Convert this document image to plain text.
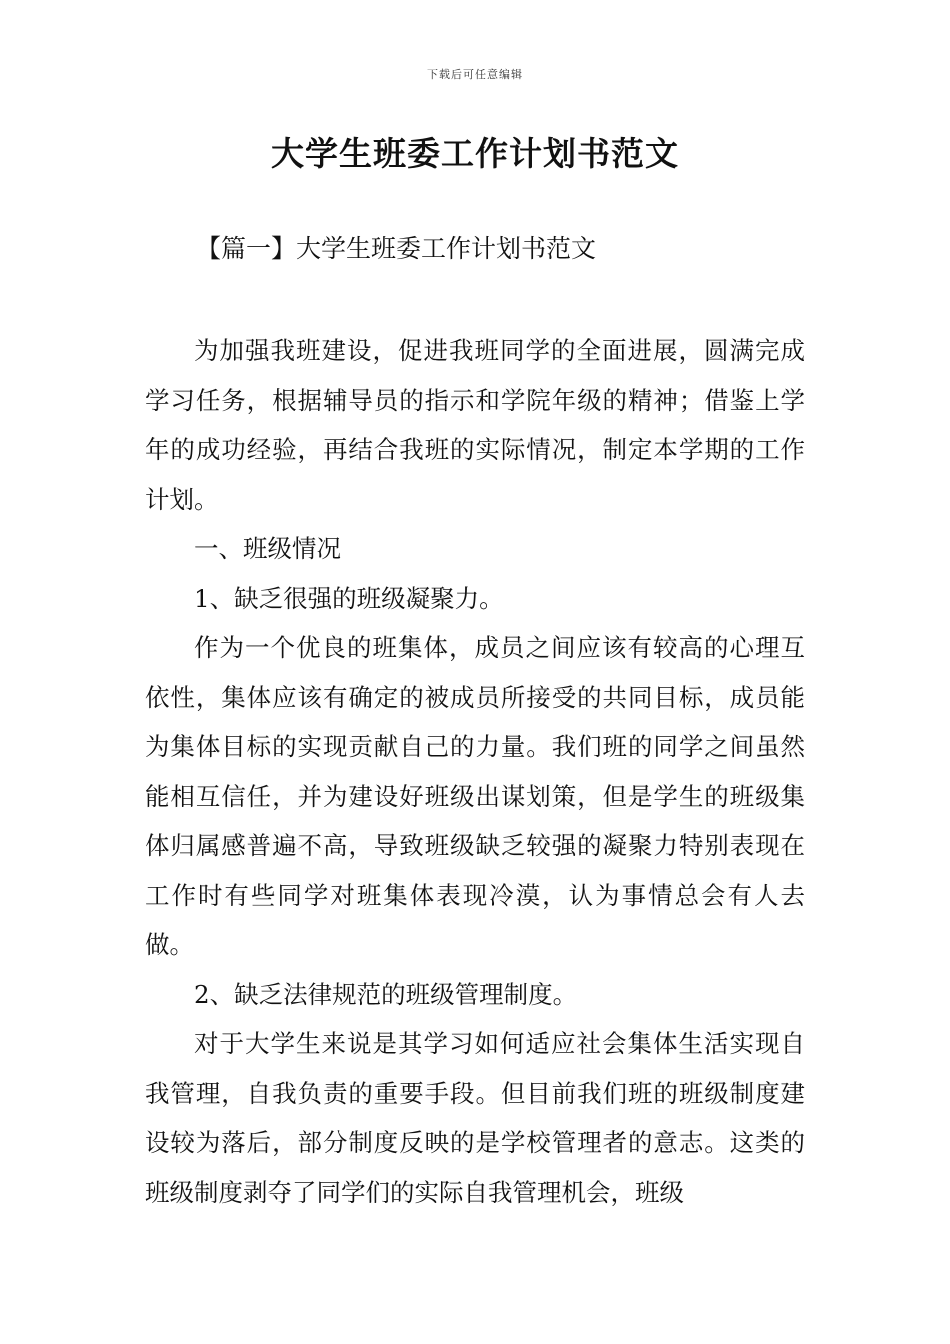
下载后可任意编辑
大学生班委工作计划书范文
【篇一】大学生班委工作计划书范文

为加强我班建设，促进我班同学的全面进展，圆满完成学习任务，根据辅导员的指示和学院年级的精神；借鉴上学年的成功经验，再结合我班的实际情况，制定本学期的工作计划。

一、班级情况

1、缺乏很强的班级凝聚力。

作为一个优良的班集体，成员之间应该有较高的心理互依性，集体应该有确定的被成员所接受的共同目标，成员能为集体目标的实现贡献自己的力量。我们班的同学之间虽然能相互信任，并为建设好班级出谋划策，但是学生的班级集体归属感普遍不高，导致班级缺乏较强的凝聚力特别表现在工作时有些同学对班集体表现冷漠，认为事情总会有人去做。

2、缺乏法律规范的班级管理制度。

对于大学生来说是其学习如何适应社会集体生活实现自我管理，自我负责的重要手段。但目前我们班的班级制度建设较为落后，部分制度反映的是学校管理者的意志。这类的班级制度剥夺了同学们的实际自我管理机会，班级
